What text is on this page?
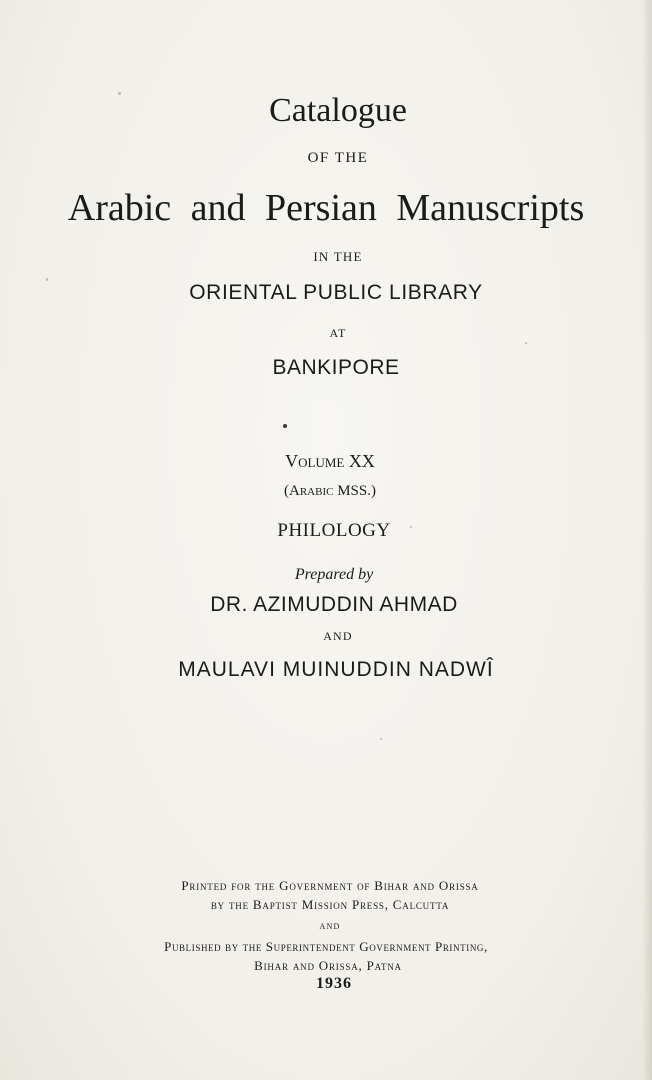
Catalogue
OF THE
Arabic and Persian Manuscripts
IN THE
ORIENTAL PUBLIC LIBRARY
AT
BANKIPORE
Volume XX
(Arabic MSS.)
PHILOLOGY
Prepared by
DR. AZIMUDDIN AHMAD
AND
MAULAVI MUINUDDIN NADWÎ
Printed for the Government of Bihar and Orissa
by the Baptist Mission Press, Calcutta
and
Published by the Superintendent Government Printing,
Bihar and Orissa, Patna
1936
